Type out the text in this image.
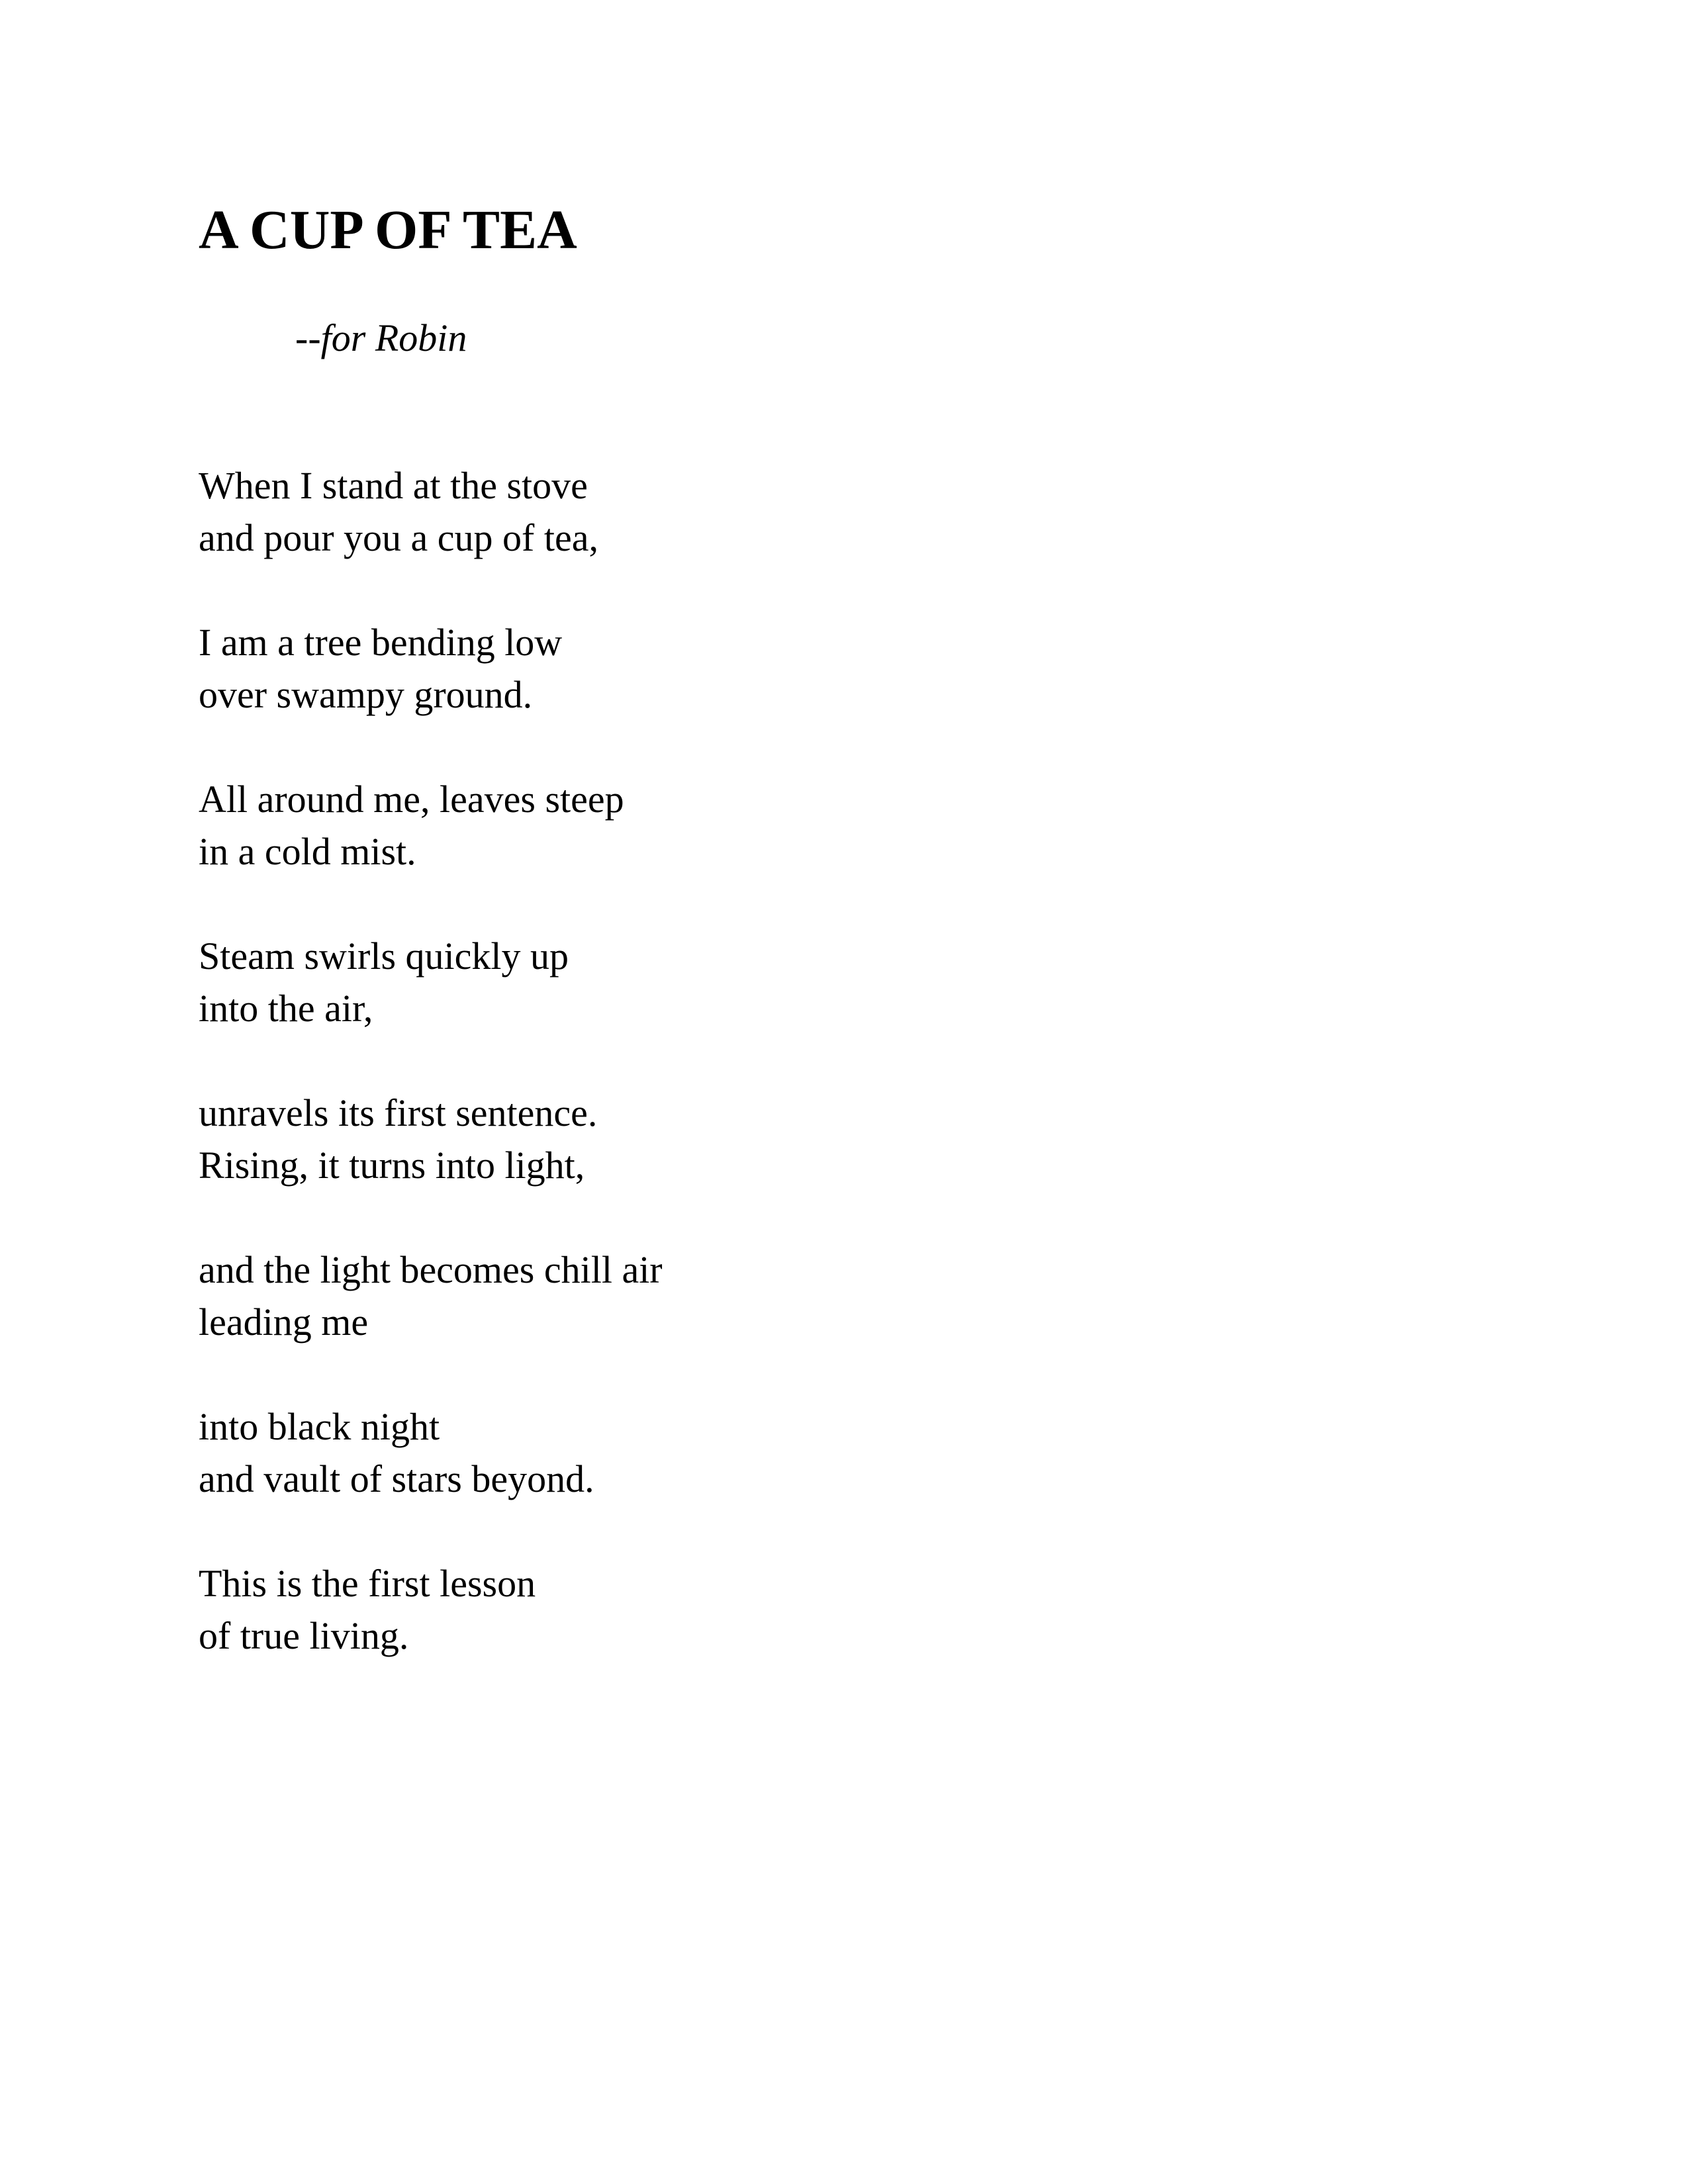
A CUP OF TEA

--for Robin

When I stand at the stove
and pour you a cup of tea,

I am a tree bending low
over swampy ground.

All around me, leaves steep
in a cold mist.

Steam swirls quickly up
into the air,

unravels its first sentence.
Rising, it turns into light,

and the light becomes chill air
leading me

into black night
and vault of stars beyond.

This is the first lesson
of true living.
